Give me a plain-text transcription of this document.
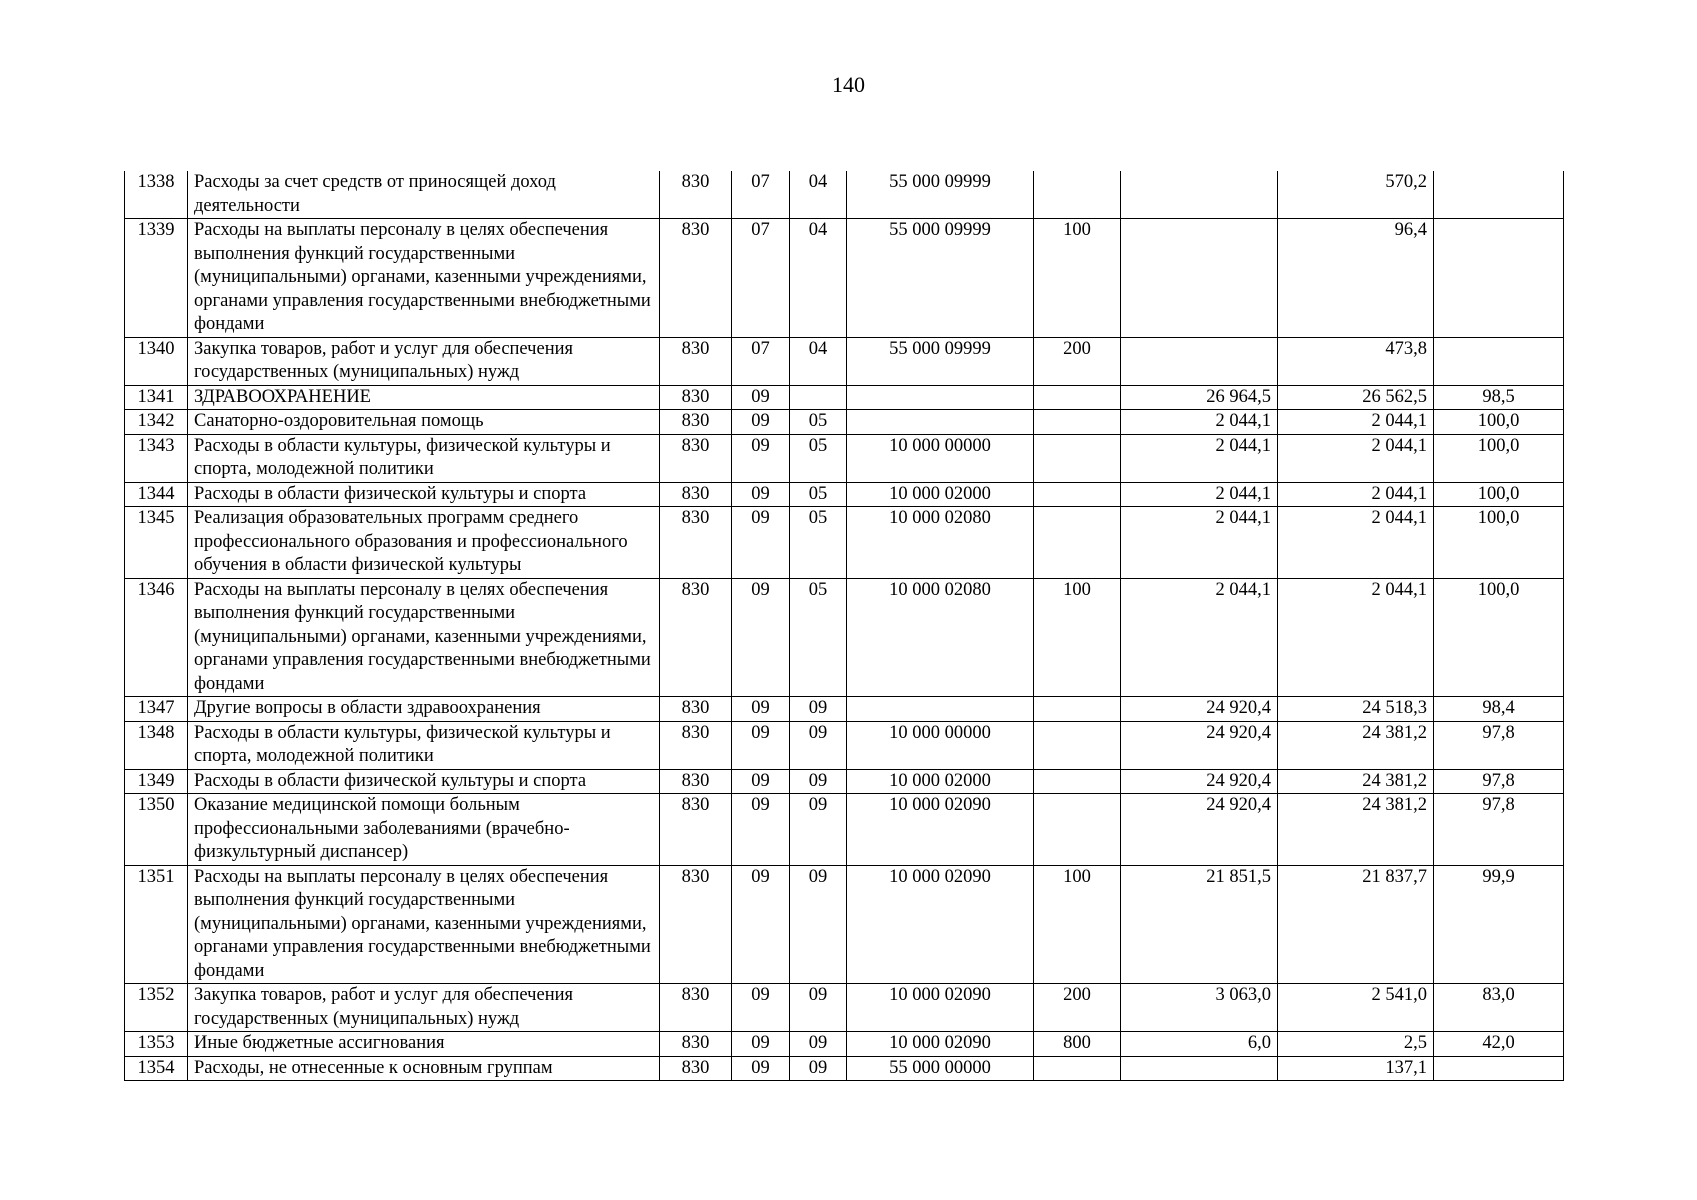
140
1338	Расходы за счет средств от приносящей доход деятельности	830	07	04	55 000 09999			570,2	
1339	Расходы на выплаты персоналу в целях обеспечения выполнения функций государственными (муниципальными) органами, казенными учреждениями, органами управления государственными внебюджетными фондами	830	07	04	55 000 09999	100		96,4	
1340	Закупка товаров, работ и услуг для обеспечения государственных (муниципальных) нужд	830	07	04	55 000 09999	200		473,8	
1341	ЗДРАВООХРАНЕНИЕ	830	09				26 964,5	26 562,5	98,5
1342	Санаторно-оздоровительная помощь	830	09	05			2 044,1	2 044,1	100,0
1343	Расходы в области культуры, физической культуры и спорта, молодежной политики	830	09	05	10 000 00000		2 044,1	2 044,1	100,0
1344	Расходы в области физической культуры и спорта	830	09	05	10 000 02000		2 044,1	2 044,1	100,0
1345	Реализация образовательных программ среднего профессионального образования и профессионального обучения в области физической культуры	830	09	05	10 000 02080		2 044,1	2 044,1	100,0
1346	Расходы на выплаты персоналу в целях обеспечения выполнения функций государственными (муниципальными) органами, казенными учреждениями, органами управления государственными внебюджетными фондами	830	09	05	10 000 02080	100	2 044,1	2 044,1	100,0
1347	Другие вопросы в области здравоохранения	830	09	09			24 920,4	24 518,3	98,4
1348	Расходы в области культуры, физической культуры и спорта, молодежной политики	830	09	09	10 000 00000		24 920,4	24 381,2	97,8
1349	Расходы в области физической культуры и спорта	830	09	09	10 000 02000		24 920,4	24 381,2	97,8
1350	Оказание медицинской помощи больным профессиональными заболеваниями (врачебно-физкультурный диспансер)	830	09	09	10 000 02090		24 920,4	24 381,2	97,8
1351	Расходы на выплаты персоналу в целях обеспечения выполнения функций государственными (муниципальными) органами, казенными учреждениями, органами управления государственными внебюджетными фондами	830	09	09	10 000 02090	100	21 851,5	21 837,7	99,9
1352	Закупка товаров, работ и услуг для обеспечения государственных (муниципальных) нужд	830	09	09	10 000 02090	200	3 063,0	2 541,0	83,0
1353	Иные бюджетные ассигнования	830	09	09	10 000 02090	800	6,0	2,5	42,0
1354	Расходы, не отнесенные к основным группам	830	09	09	55 000 00000			137,1	
